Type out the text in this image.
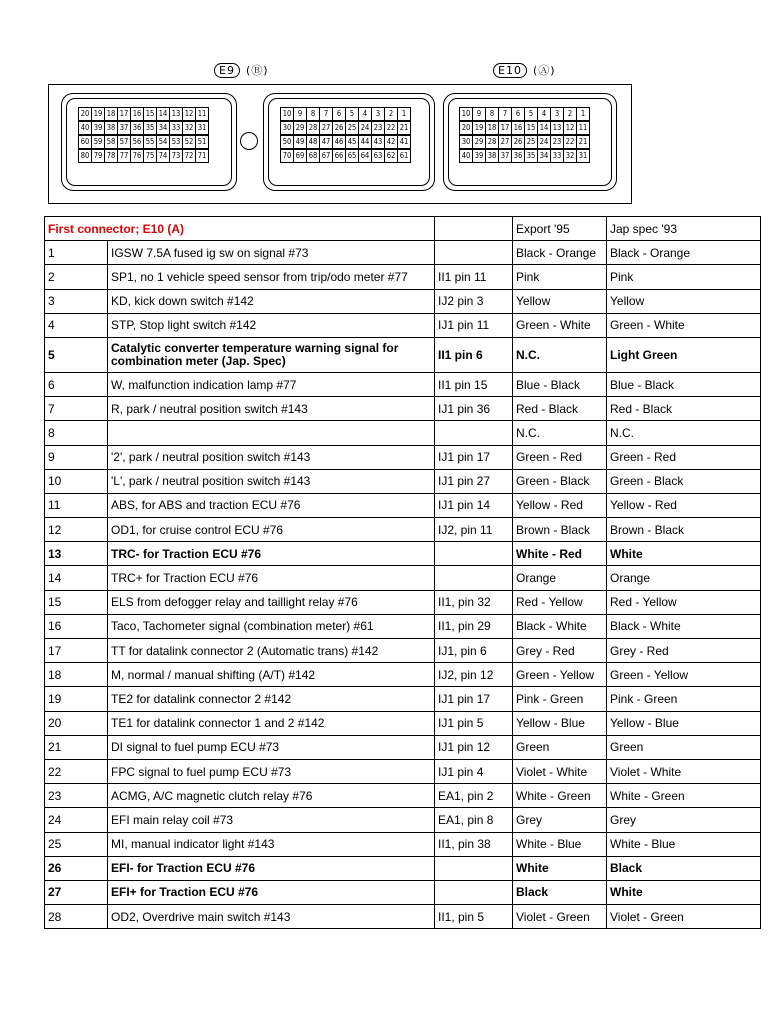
E9 (Ⓑ)	E10 (Ⓐ)
20 19 18 17 16 15 14 13 12 11
40 39 38 37 36 35 34 33 32 31
60 59 58 57 56 55 54 53 52 51
80 79 78 77 76 75 74 73 72 71
10 9	8	7	6	5	4	3	2	1
30 29 28 27 26 25 24 23 22 21
50 49 48 47 46 45 44 43 42 41
70 69 68 67 66 65 64 63 62 61
10 9	8	7	6	5	4	3	2	1
20 19 18 17 16 15 14 13 12 11
30 29 28 27 26 25 24 23 22 21
40 39 38 37 36 35 34 33 32 31
First connector; E10 (A)			Export '95	Jap spec '93
1	IGSW 7.5A fused ig sw on signal #73		Black - Orange	Black - Orange
2	SP1, no 1 vehicle speed sensor from trip/odo meter #77	II1 pin 11	Pink	Pink
3	KD, kick down switch #142	IJ2 pin 3	Yellow	Yellow
4	STP, Stop light switch #142	IJ1 pin 11	Green - White	Green - White
5	Catalytic converter temperature warning signal for combination meter (Jap. Spec)	II1 pin 6	N.C.	Light Green
6	W, malfunction indication lamp #77	II1 pin 15	Blue - Black	Blue - Black
7	R, park / neutral position switch #143	IJ1 pin 36	Red - Black	Red - Black
8			N.C.	N.C.
9	'2', park / neutral position switch #143	IJ1 pin 17	Green - Red	Green - Red
10	'L', park / neutral position switch #143	IJ1 pin 27	Green - Black	Green - Black
11	ABS, for ABS and traction ECU #76	IJ1 pin 14	Yellow - Red	Yellow - Red
12	OD1, for cruise control ECU #76	IJ2, pin 11	Brown - Black	Brown - Black
13	TRC- for Traction ECU #76		White - Red	White
14	TRC+ for Traction ECU #76		Orange	Orange
15	ELS from defogger relay and taillight relay #76	II1, pin 32	Red - Yellow	Red - Yellow
16	Taco, Tachometer signal (combination meter) #61	II1, pin 29	Black - White	Black - White
17	TT for datalink connector 2 (Automatic trans) #142	IJ1, pin 6	Grey - Red	Grey - Red
18	M, normal / manual shifting (A/T) #142	IJ2, pin 12	Green - Yellow	Green - Yellow
19	TE2 for datalink connector 2 #142	IJ1 pin 17	Pink - Green	Pink - Green
20	TE1 for datalink connector 1 and 2 #142	IJ1 pin 5	Yellow - Blue	Yellow - Blue
21	DI signal to fuel pump ECU #73	IJ1 pin 12	Green	Green
22	FPC signal to fuel pump ECU #73	IJ1 pin 4	Violet - White	Violet - White
23	ACMG, A/C magnetic clutch relay #76	EA1, pin 2	White - Green	White - Green
24	EFI main relay coil #73	EA1, pin 8	Grey	Grey
25	MI, manual indicator light #143	II1, pin 38	White - Blue	White - Blue
26	EFI- for Traction ECU #76		White	Black
27	EFI+ for Traction ECU #76		Black	White
28	OD2, Overdrive main switch #143	II1, pin 5	Violet - Green	Violet - Green
